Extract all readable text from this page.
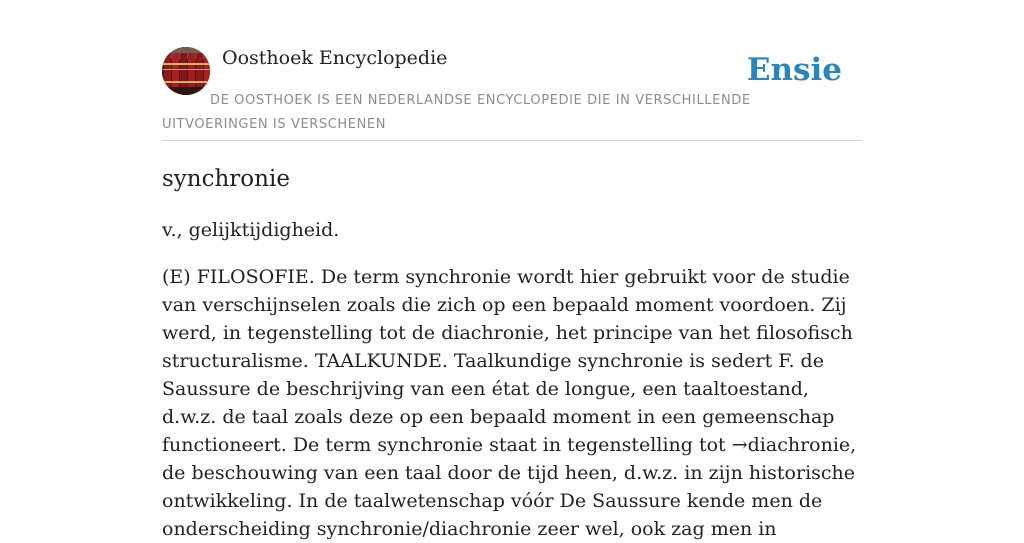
Oosthoek Encyclopedie	Ensie
DE OOSTHOEK IS EEN NEDERLANDSE ENCYCLOPEDIE DIE IN VERSCHILLENDE UITVOERINGEN IS VERSCHENEN
synchronie

v., gelijktijdigheid.

(E) FILOSOFIE. De term synchronie wordt hier gebruikt voor de studie van verschijnselen zoals die zich op een bepaald moment voordoen. Zij werd, in tegenstelling tot de diachronie, het principe van het filosofisch structuralisme. TAALKUNDE. Taalkundige synchronie is sedert F. de Saussure de beschrijving van een état de longue, een taaltoestand, d.w.z. de taal zoals deze op een bepaald moment in een gemeenschap functioneert. De term synchronie staat in tegenstelling tot →diachronie, de beschouwing van een taal door de tijd heen, d.w.z. in zijn historische ontwikkeling. In de taalwetenschap vóór De Saussure kende men de onderscheiding synchronie/diachronie zeer wel, ook zag men in
